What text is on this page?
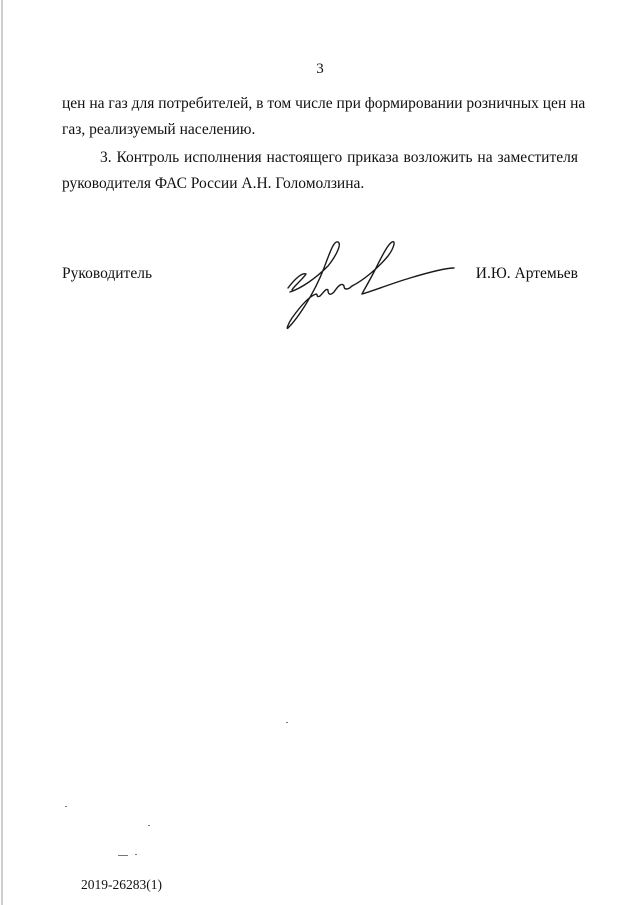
3
цен на газ для потребителей, в том числе при формировании розничных цен на
газ, реализуемый населению.
3. Контроль исполнения настоящего приказа возложить на заместителя
руководителя ФАС России А.Н. Голомолзина.
Руководитель	И.Ю. Артемьев
2019-26283(1)
